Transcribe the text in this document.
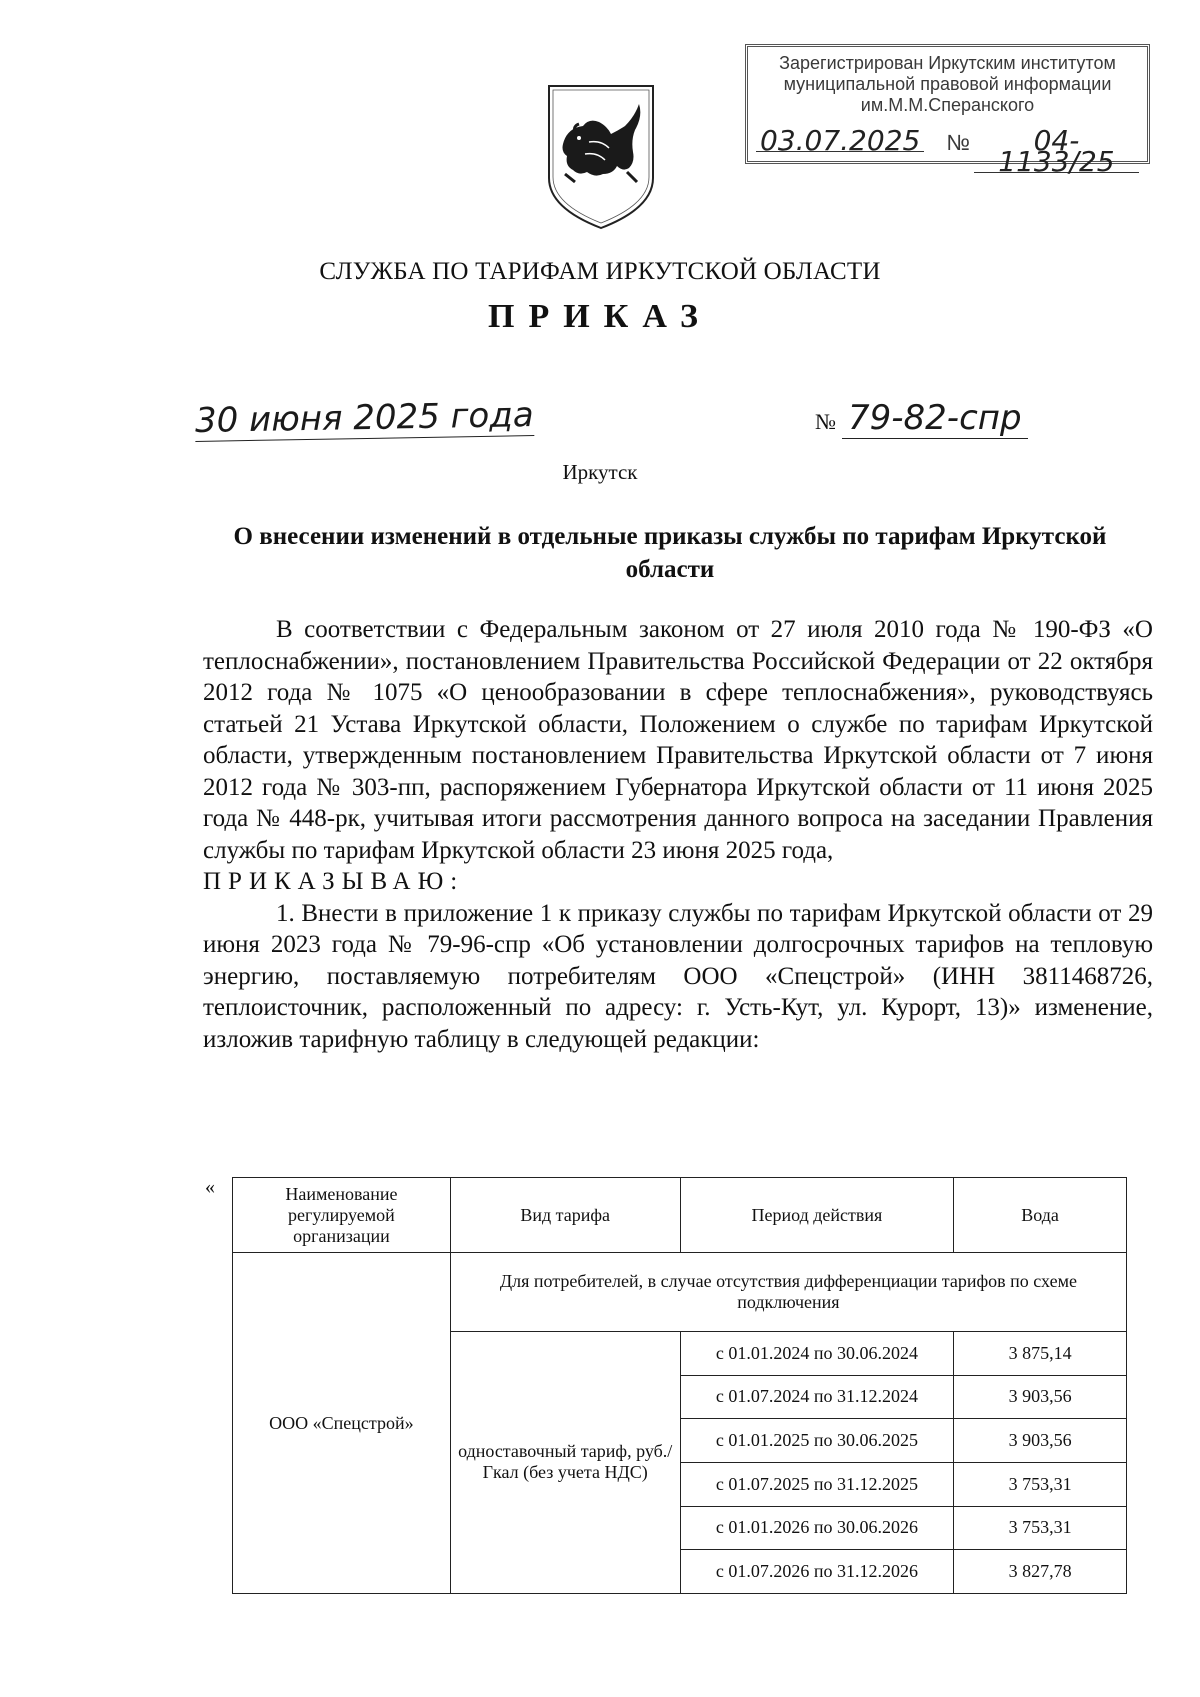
Зарегистрирован Иркутским институтом
муниципальной правовой информации
им.М.М.Сперанского
03.07.2025 №	04-1133/25
СЛУЖБА ПО ТАРИФАМ ИРКУТСКОЙ ОБЛАСТИ
ПРИКАЗ
30 июня 2025 года	№ 79-82-спр
Иркутск
О внесении изменений в отдельные приказы службы по тарифам Иркутской области

В соответствии с Федеральным законом от 27 июля 2010 года № 190-ФЗ «О теплоснабжении», постановлением Правительства Российской Федерации от 22 октября 2012 года № 1075 «О ценообразовании в сфере теплоснабжения», руководствуясь статьей 21 Устава Иркутской области, Положением о службе по тарифам Иркутской области, утвержденным постановлением Правительства Иркутской области от 7 июня 2012 года № 303-пп, распоряжением Губернатора Иркутской области от 11 июня 2025 года № 448-рк, учитывая итоги рассмотрения данного вопроса на заседании Правления службы по тарифам Иркутской области 23 июня 2025 года,

ПРИКАЗЫВАЮ:

1. Внести в приложение 1 к приказу службы по тарифам Иркутской области от 29 июня 2023 года № 79-96-спр «Об установлении долгосрочных тарифов на тепловую энергию, поставляемую потребителям ООО «Спецстрой» (ИНН 3811468726, теплоисточник, расположенный по адресу: г. Усть-Кут, ул. Курорт, 13)» изменение, изложив тарифную таблицу в следующей редакции:

«	Наименование регулируемой организации	Вид тарифа	Период действия	Вода
ООО «Спецстрой»	Для потребителей, в случае отсутствия дифференциации тарифов по схеме подключения		
	одноставочный тариф, руб./Гкал (без учета НДС)	с 01.01.2024 по 30.06.2024	3 875,14
		с 01.07.2024 по 31.12.2024	3 903,56
		с 01.01.2025 по 30.06.2025	3 903,56
		с 01.07.2025 по 31.12.2025	3 753,31
		с 01.01.2026 по 30.06.2026	3 753,31
		с 01.07.2026 по 31.12.2026	3 827,78
